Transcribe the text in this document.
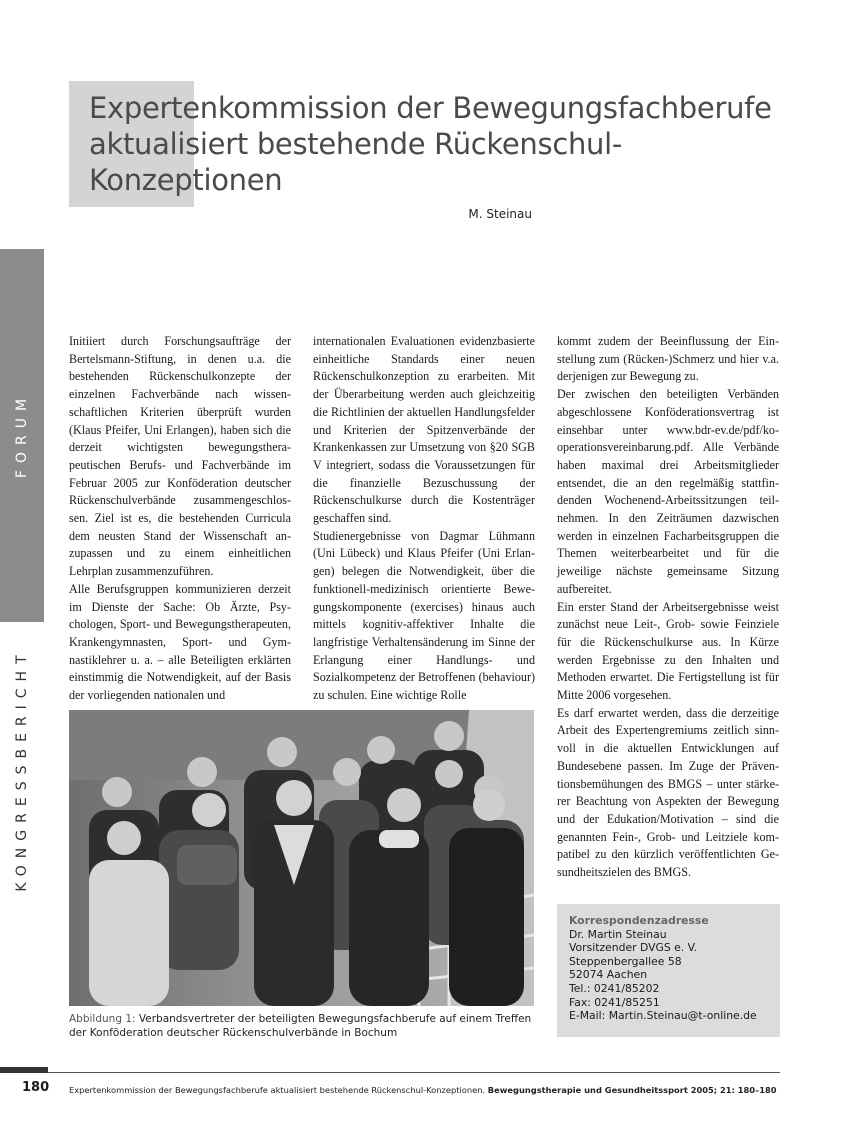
Expertenkommission der Bewegungsfachberufe
aktualisiert bestehende Rückenschul-
Konzeptionen
M. Steinau
FORUM
KONGRESSBERICHT

Initiiert durch Forschungsaufträge der Bertelsmann-Stiftung, in denen u.a. die bestehenden Rückenschulkonzepte der einzelnen Fachverbände nach wissenschaftlichen Kriterien überprüft wurden (Klaus Pfeifer, Uni Erlangen), haben sich die derzeit wichtigsten bewegungstherapeutischen Berufs- und Fachverbände im Februar 2005 zur Konföderation deutscher Rückenschulverbände zusammengeschlossen. Ziel ist es, die bestehenden Curricula dem neusten Stand der Wissenschaft anzupassen und zu einem einheitlichen Lehrplan zusammenzuführen.

Alle Berufsgruppen kommunizieren derzeit im Dienste der Sache: Ob Ärzte, Psychologen, Sport- und Bewegungstherapeuten, Krankengymnasten, Sport- und Gymnastiklehrer u. a. – alle Beteiligten erklärten einstimmig die Notwendigkeit, auf der Basis der vorliegenden nationalen und

internationalen Evaluationen evidenzbasierte einheitliche Standards einer neuen Rückenschulkonzeption zu erarbeiten. Mit der Überarbeitung werden auch gleichzeitig die Richtlinien der aktuellen Handlungsfelder und Kriterien der Spitzenverbände der Krankenkassen zur Umsetzung von §20 SGB V integriert, sodass die Voraussetzungen für die finanzielle Bezuschussung der Rückenschulkurse durch die Kostenträger geschaffen sind.

Studienergebnisse von Dagmar Lühmann (Uni Lübeck) und Klaus Pfeifer (Uni Erlangen) belegen die Notwendigkeit, über die funktionell-medizinisch orientierte Bewegungskomponente (exercises) hinaus auch mittels kognitiv-affektiver Inhalte die langfristige Verhaltensänderung im Sinne der Erlangung einer Handlungs- und Sozialkompetenz der Betroffenen (behaviour) zu schulen. Eine wichtige Rolle

kommt zudem der Beeinflussung der Einstellung zum (Rücken-)Schmerz und hier v.a. derjenigen zur Bewegung zu.

Der zwischen den beteiligten Verbänden abgeschlossene Konföderationsvertrag ist einsehbar unter www.bdr-ev.de/pdf/kooperationsvereinbarung.pdf. Alle Verbände haben maximal drei Arbeitsmitglieder entsendet, die an den regelmäßig stattfindenden Wochenend-Arbeitssitzungen teilnehmen. In den Zeiträumen dazwischen werden in einzelnen Facharbeitsgruppen die Themen weiterbearbeitet und für die jeweilige nächste gemeinsame Sitzung aufbereitet.

Ein erster Stand der Arbeitsergebnisse weist zunächst neue Leit-, Grob- sowie Feinziele für die Rückenschulkurse aus. In Kürze werden Ergebnisse zu den Inhalten und Methoden erwartet. Die Fertigstellung ist für Mitte 2006 vorgesehen.

Es darf erwartet werden, dass die derzeitige Arbeit des Expertengremiums zeitlich sinnvoll in die aktuellen Entwicklungen auf Bundesebene passen. Im Zuge der Präventionsbemühungen des BMGS – unter stärkerer Beachtung von Aspekten der Bewegung und der Edukation/Motivation – sind die genannten Fein-, Grob- und Leitziele kompatibel zu den kürzlich veröffentlichten Gesundheitszielen des BMGS.

Abbildung 1: Verbandsvertreter der beteiligten Bewegungsfachberufe auf einem Treffen der Konföderation deutscher Rückenschulverbände in Bochum
Korrespondenzadresse
Dr. Martin Steinau
Vorsitzender DVGS e. V.
Steppenbergallee 58
52074 Aachen
Tel.: 0241/85202
Fax: 0241/85251
E-Mail: Martin.Steinau@t-online.de
180 Expertenkommission der Bewegungsfachberufe aktualisiert bestehende Rückenschul-Konzeptionen. Bewegungstherapie und Gesundheitssport 2005; 21: 180–180
